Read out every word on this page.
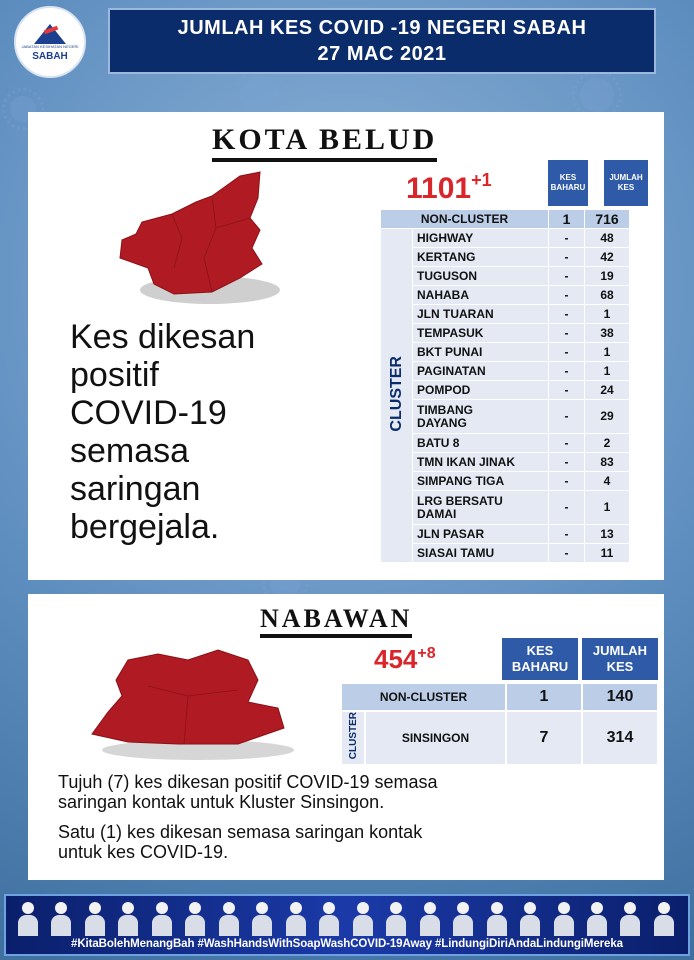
JABATAN KESIHATAN NEGERI
SABAH
JUMLAH KES COVID -19 NEGERI SABAH
27 MAC 2021
KOTA BELUD
$1101^{+1}$	KES
BAHARU
JUMLAH
KES
NON-CLUSTER		1	716
CLUSTER	HIGHWAY	-	48
	KERTANG	-	42
	TUGUSON	-	19
	NAHABA	-	68
	JLN TUARAN	-	1
	TEMPASUK	-	38
	BKT PUNAI	-	1
	PAGINATAN	-	1
	POMPOD	-	24

	TIMBANG
DAYANG	-	29
	BATU 8	-	2
	TMN IKAN JINAK	-	83
	SIMPANG TIGA	-	4

	LRG BERSATU
DAMAI	-	1
	JLN PASAR	-	13
	SIASAI TAMU	-	11
Kes dikesan
positif
COVID-19
semasa
saringan
bergejala.
NABAWAN
$454^{+8}$	KES
BAHARU
JUMLAH
KES
NON-CLUSTER		1	140
CLUSTER	SINSINGON	7	314
Tujuh (7) kes dikesan positif COVID-19 semasa
saringan kontak untuk Kluster Sinsingon.
Satu (1) kes dikesan semasa saringan kontak
untuk kes COVID-19.
#KitaBolehMenangBah #WashHandsWithSoapWashCOVID-19Away #LindungiDiriAndaLindungiMereka
